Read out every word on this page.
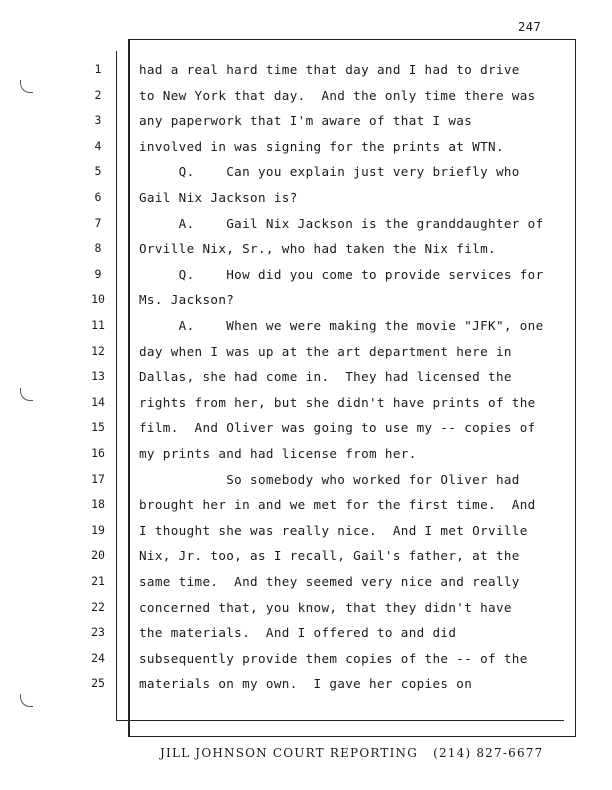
247
1
2
3
4
5
6
7
8
9
10
11
12
13
14
15
16
17
18
19
20
21
22
23
24
25
had a real hard time that day and I had to drive
to New York that day.  And the only time there was
any paperwork that I'm aware of that I was
involved in was signing for the prints at WTN.
Q.    Can you explain just very briefly who
Gail Nix Jackson is?
A.    Gail Nix Jackson is the granddaughter of
Orville Nix, Sr., who had taken the Nix film.
Q.    How did you come to provide services for
Ms. Jackson?
A.    When we were making the movie "JFK", one
day when I was up at the art department here in
Dallas, she had come in.  They had licensed the
rights from her, but she didn't have prints of the
film.  And Oliver was going to use my -- copies of
my prints and had license from her.
So somebody who worked for Oliver had
brought her in and we met for the first time.  And
I thought she was really nice.  And I met Orville
Nix, Jr. too, as I recall, Gail's father, at the
same time.  And they seemed very nice and really
concerned that, you know, that they didn't have
the materials.  And I offered to and did
subsequently provide them copies of the -- of the
materials on my own.  I gave her copies on
JILL JOHNSON COURT REPORTING   (214) 827-6677
